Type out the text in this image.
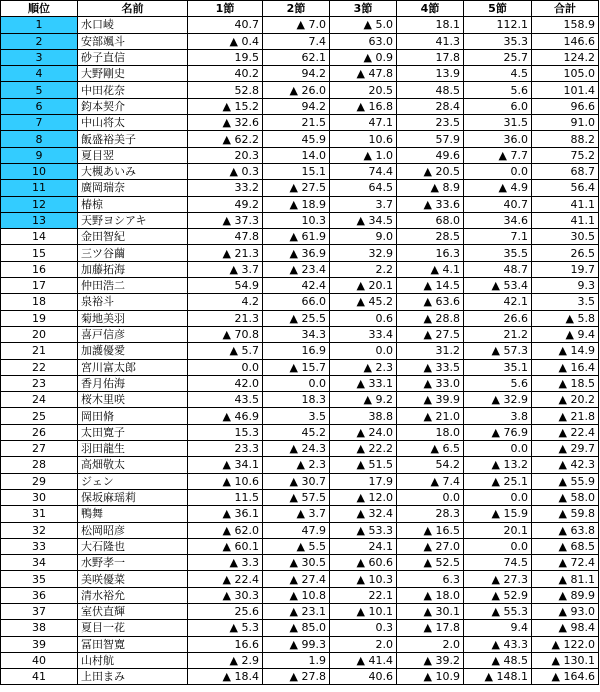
順位	名前	1節	2節	3節	4節	5節	合計
1	水口崚	40.7	▲ 7.0	▲ 5.0	18.1	112.1	158.9
2	安部颯斗	▲ 0.4	7.4	63.0	41.3	35.3	146.6
3	砂子直信	19.5	62.1	▲ 0.9	17.8	25.7	124.2
4	大野剛史	40.2	94.2	▲ 47.8	13.9	4.5	105.0
5	中田花奈	52.8	▲ 26.0	20.5	48.5	5.6	101.4
6	鈞本契介	▲ 15.2	94.2	▲ 16.8	28.4	6.0	96.6
7	中山将太	▲ 32.6	21.5	47.1	23.5	31.5	91.0
8	飯盛裕美子	▲ 62.2	45.9	10.6	57.9	36.0	88.2
9	夏目翌	20.3	14.0	▲ 1.0	49.6	▲ 7.7	75.2
10	大槻あいみ	▲ 0.3	15.1	74.4	▲ 20.5	0.0	68.7
11	廣岡瑞奈	33.2	▲ 27.5	64.5	▲ 8.9	▲ 4.9	56.4
12	椿椋	49.2	▲ 18.9	3.7	▲ 33.6	40.7	41.1
13	天野ヨシアキ	▲ 37.3	10.3	▲ 34.5	68.0	34.6	41.1
14	金田智紀	47.8	▲ 61.9	9.0	28.5	7.1	30.5
15	三ツ谷繭	▲ 21.3	▲ 36.9	32.9	16.3	35.5	26.5
16	加藤拓海	▲ 3.7	▲ 23.4	2.2	▲ 4.1	48.7	19.7
17	仲田浩二	54.9	42.4	▲ 20.1	▲ 14.5	▲ 53.4	9.3
18	泉裕斗	4.2	66.0	▲ 45.2	▲ 63.6	42.1	3.5
19	菊地美羽	21.3	▲ 25.5	0.6	▲ 28.8	26.6	▲ 5.8
20	喜戸信彦	▲ 70.8	34.3	33.4	▲ 27.5	21.2	▲ 9.4
21	加護優愛	▲ 5.7	16.9	0.0	31.2	▲ 57.3	▲ 14.9
22	宮川富太郎	0.0	▲ 15.7	▲ 2.3	▲ 33.5	35.1	▲ 16.4
23	香月佑海	42.0	0.0	▲ 33.1	▲ 33.0	5.6	▲ 18.5
24	桜木里咲	43.5	18.3	▲ 9.2	▲ 39.9	▲ 32.9	▲ 20.2
25	岡田脩	▲ 46.9	3.5	38.8	▲ 21.0	3.8	▲ 21.8
26	太田寛子	15.3	45.2	▲ 24.0	18.0	▲ 76.9	▲ 22.4
27	羽田龍生	23.3	▲ 24.3	▲ 22.2	▲ 6.5	0.0	▲ 29.7
28	高畑敬太	▲ 34.1	▲ 2.3	▲ 51.5	54.2	▲ 13.2	▲ 42.3
29	ジェン	▲ 10.6	▲ 30.7	17.9	▲ 7.4	▲ 25.1	▲ 55.9
30	保坂麻瑶莉	11.5	▲ 57.5	▲ 12.0	0.0	0.0	▲ 58.0
31	鴨舞	▲ 36.1	▲ 3.7	▲ 32.4	28.3	▲ 15.9	▲ 59.8
32	松岡昭彦	▲ 62.0	47.9	▲ 53.3	▲ 16.5	20.1	▲ 63.8
33	大石隆也	▲ 60.1	▲ 5.5	24.1	▲ 27.0	0.0	▲ 68.5
34	水野孝一	▲ 3.3	▲ 30.5	▲ 60.6	▲ 52.5	74.5	▲ 72.4
35	美咲優菜	▲ 22.4	▲ 27.4	▲ 10.3	6.3	▲ 27.3	▲ 81.1
36	清水裕允	▲ 30.3	▲ 10.8	22.1	▲ 18.0	▲ 52.9	▲ 89.9
37	室伏直輝	25.6	▲ 23.1	▲ 10.1	▲ 30.1	▲ 55.3	▲ 93.0
38	夏目一花	▲ 5.3	▲ 85.0	0.3	▲ 17.8	9.4	▲ 98.4
39	冨田智寛	16.6	▲ 99.3	2.0	2.0	▲ 43.3	▲ 122.0
40	山村航	▲ 2.9	1.9	▲ 41.4	▲ 39.2	▲ 48.5	▲ 130.1
41	上田まみ	▲ 18.4	▲ 27.8	40.6	▲ 10.9	▲ 148.1	▲ 164.6
